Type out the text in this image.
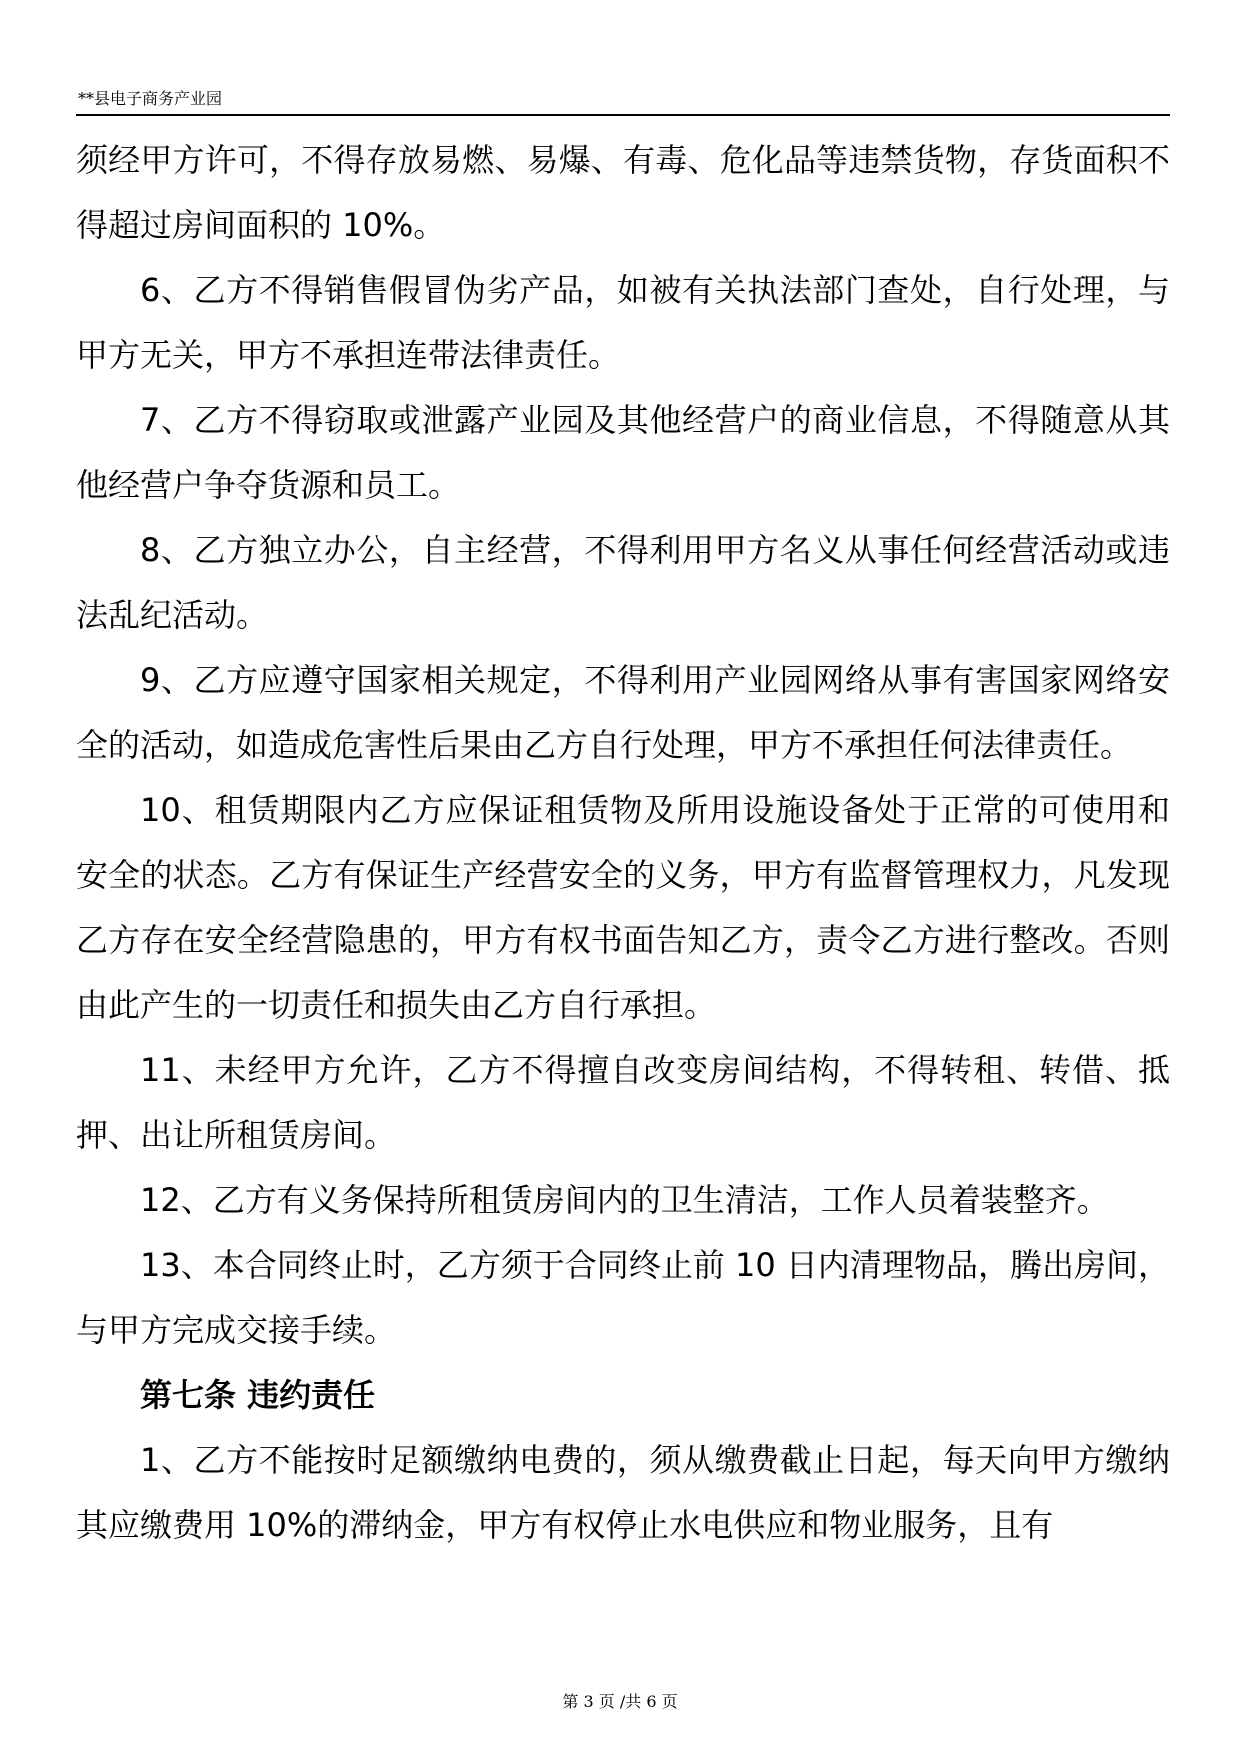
**县电子商务产业园

须经甲方许可，不得存放易燃、易爆、有毒、危化品等违禁货物，存货面积不得超过房间面积的 10%。

6、乙方不得销售假冒伪劣产品，如被有关执法部门查处，自行处理，与甲方无关，甲方不承担连带法律责任。

7、乙方不得窃取或泄露产业园及其他经营户的商业信息，不得随意从其他经营户争夺货源和员工。

8、乙方独立办公，自主经营，不得利用甲方名义从事任何经营活动或违法乱纪活动。

9、乙方应遵守国家相关规定，不得利用产业园网络从事有害国家网络安全的活动，如造成危害性后果由乙方自行处理，甲方不承担任何法律责任。

10、租赁期限内乙方应保证租赁物及所用设施设备处于正常的可使用和安全的状态。乙方有保证生产经营安全的义务，甲方有监督管理权力，凡发现乙方存在安全经营隐患的，甲方有权书面告知乙方，责令乙方进行整改。否则由此产生的一切责任和损失由乙方自行承担。

11、未经甲方允许，乙方不得擅自改变房间结构，不得转租、转借、抵押、出让所租赁房间。

12、乙方有义务保持所租赁房间内的卫生清洁，工作人员着装整齐。

13、本合同终止时，乙方须于合同终止前 10 日内清理物品，腾出房间，与甲方完成交接手续。

第七条 违约责任

1、乙方不能按时足额缴纳电费的，须从缴费截止日起，每天向甲方缴纳其应缴费用 10%的滞纳金，甲方有权停止水电供应和物业服务，且有

第 3 页 /共 6 页
